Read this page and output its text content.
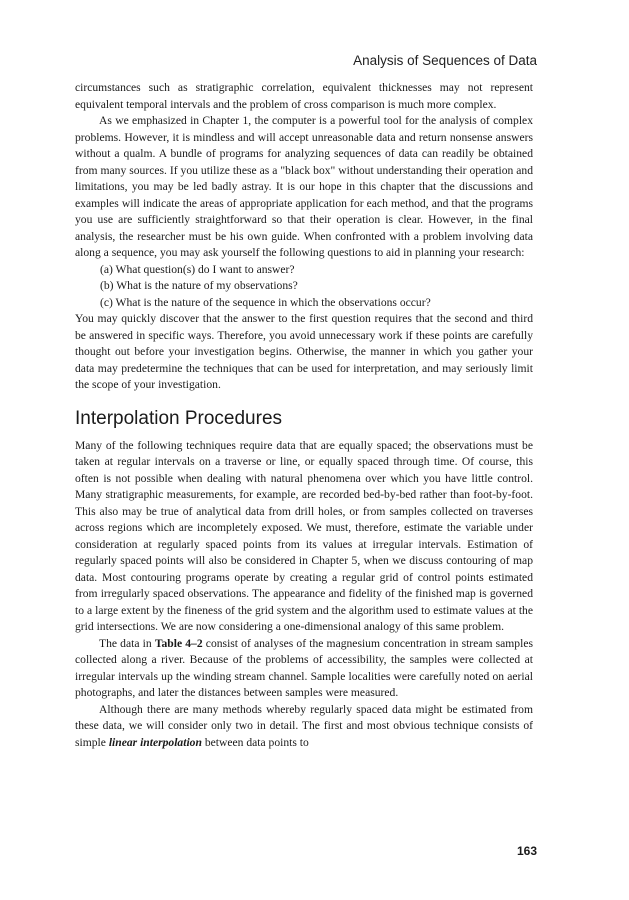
Analysis of Sequences of Data

circumstances such as stratigraphic correlation, equivalent thicknesses may not represent equivalent temporal intervals and the problem of cross comparison is much more complex.

As we emphasized in Chapter 1, the computer is a powerful tool for the analysis of complex problems. However, it is mindless and will accept unreasonable data and return nonsense answers without a qualm. A bundle of programs for analyzing sequences of data can readily be obtained from many sources. If you utilize these as a "black box" without understanding their operation and limitations, you may be led badly astray. It is our hope in this chapter that the discussions and examples will indicate the areas of appropriate application for each method, and that the programs you use are sufficiently straightforward so that their operation is clear. However, in the final analysis, the researcher must be his own guide. When confronted with a problem involving data along a sequence, you may ask yourself the following questions to aid in planning your research:

(a) What question(s) do I want to answer?
(b) What is the nature of my observations?
(c) What is the nature of the sequence in which the observations occur?

You may quickly discover that the answer to the first question requires that the second and third be answered in specific ways. Therefore, you avoid unnecessary work if these points are carefully thought out before your investigation begins. Otherwise, the manner in which you gather your data may predetermine the techniques that can be used for interpretation, and may seriously limit the scope of your investigation.

Interpolation Procedures

Many of the following techniques require data that are equally spaced; the observations must be taken at regular intervals on a traverse or line, or equally spaced through time. Of course, this often is not possible when dealing with natural phenomena over which you have little control. Many stratigraphic measurements, for example, are recorded bed-by-bed rather than foot-by-foot. This also may be true of analytical data from drill holes, or from samples collected on traverses across regions which are incompletely exposed. We must, therefore, estimate the variable under consideration at regularly spaced points from its values at irregular intervals. Estimation of regularly spaced points will also be considered in Chapter 5, when we discuss contouring of map data. Most contouring programs operate by creating a regular grid of control points estimated from irregularly spaced observations. The appearance and fidelity of the finished map is governed to a large extent by the fineness of the grid system and the algorithm used to estimate values at the grid intersections. We are now considering a one-dimensional analogy of this same problem.

The data in Table 4–2 consist of analyses of the magnesium concentration in stream samples collected along a river. Because of the problems of accessibility, the samples were collected at irregular intervals up the winding stream channel. Sample localities were carefully noted on aerial photographs, and later the distances between samples were measured.

Although there are many methods whereby regularly spaced data might be estimated from these data, we will consider only two in detail. The first and most obvious technique consists of simple linear interpolation between data points to

163
